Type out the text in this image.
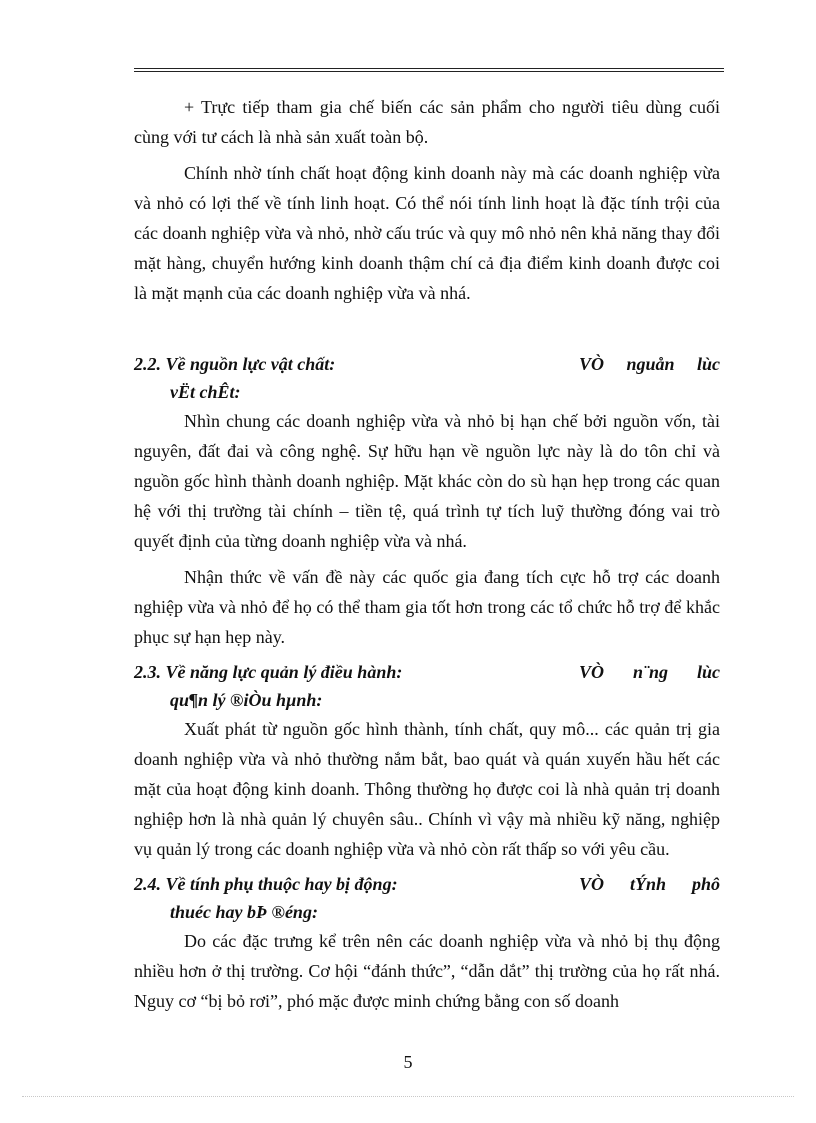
+ Trực tiếp tham gia chế biến các sản phẩm cho người tiêu dùng cuối cùng với tư cách là nhà sản xuất toàn bộ.

Chính nhờ tính chất hoạt động kinh doanh này mà các doanh nghiệp vừa và nhỏ có lợi thế về tính linh hoạt. Có thể nói tính linh hoạt là đặc tính trội của các doanh nghiệp vừa và nhỏ, nhờ cấu trúc và quy mô nhỏ nên khả năng thay đổi mặt hàng, chuyển hướng kinh doanh thậm chí cả địa điểm kinh doanh được coi là mặt mạnh của các doanh nghiệp vừa và nhá.

2.2. Về nguồn lực vật chất:	VÒ nguån lùc
vËt chÊt:

Nhìn chung các doanh nghiệp vừa và nhỏ bị hạn chế bởi nguồn vốn, tài nguyên, đất đai và công nghệ. Sự hữu hạn về nguồn lực này là do tôn chỉ và nguồn gốc hình thành doanh nghiệp. Mặt khác còn do sù hạn hẹp trong các quan hệ với thị trường tài chính – tiền tệ, quá trình tự tích luỹ thường đóng vai trò quyết định của từng doanh nghiệp vừa và nhá.

Nhận thức về vấn đề này các quốc gia đang tích cực hỗ trợ các doanh nghiệp vừa và nhỏ để họ có thể tham gia tốt hơn trong các tổ chức hỗ trợ để khắc phục sự hạn hẹp này.

2.3. Về năng lực quản lý điều hành:	VÒ n¨ng lùc
qu¶n lý ®iÒu hµnh:

Xuất phát từ nguồn gốc hình thành, tính chất, quy mô... các quản trị gia doanh nghiệp vừa và nhỏ thường nắm bắt, bao quát và quán xuyến hầu hết các mặt của hoạt động kinh doanh. Thông thường họ được coi là nhà quản trị doanh nghiệp hơn là nhà quản lý chuyên sâu.. Chính vì vậy mà nhiều kỹ năng, nghiệp vụ quản lý trong các doanh nghiệp vừa và nhỏ còn rất thấp so với yêu cầu.

2.4. Về tính phụ thuộc hay bị động:	VÒ tÝnh phô
thuéc hay bÞ ®éng:

Do các đặc trưng kể trên nên các doanh nghiệp vừa và nhỏ bị thụ động nhiều hơn ở thị trường. Cơ hội “đánh thức”, “dẫn dắt” thị trường của họ rất nhá. Nguy cơ “bị bỏ rơi”, phó mặc được minh chứng bằng con số doanh

5
